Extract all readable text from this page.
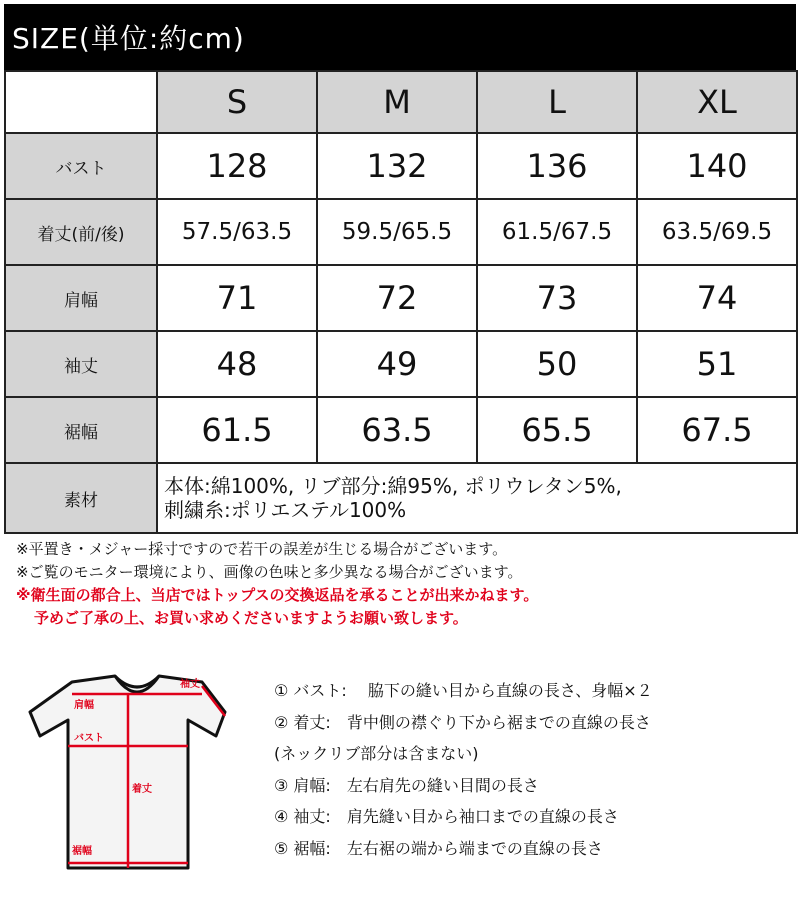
SIZE(単位:約cm)
	S	M	L	XL
バスト	128	132	136	140
着丈(前/後)	57.5/63.5	59.5/65.5	61.5/67.5	63.5/69.5
肩幅	71	72	73	74
袖丈	48	49	50	51
裾幅	61.5	63.5	65.5	67.5
素材	本体:綿100%, リブ部分:綿95%, ポリウレタン5%,
刺繍糸:ポリエステル100%			
※平置き・メジャー採寸ですので若干の誤差が生じる場合がございます。
※ご覧のモニター環境により、画像の色味と多少異なる場合がございます。
※衛生面の都合上、当店ではトップスの交換返品を承ることが出来かねます。
予めご了承の上、お買い求めくださいますようお願い致します。
袖丈
肩幅
バスト
着丈
裾幅
① バスト:　 脇下の縫い目から直線の長さ、身幅×２
② 着丈:　背中側の襟ぐり下から裾までの直線の長さ
(ネックリブ部分は含まない)
③ 肩幅:　左右肩先の縫い目間の長さ
④ 袖丈:　肩先縫い目から袖口までの直線の長さ
⑤ 裾幅:　左右裾の端から端までの直線の長さ
